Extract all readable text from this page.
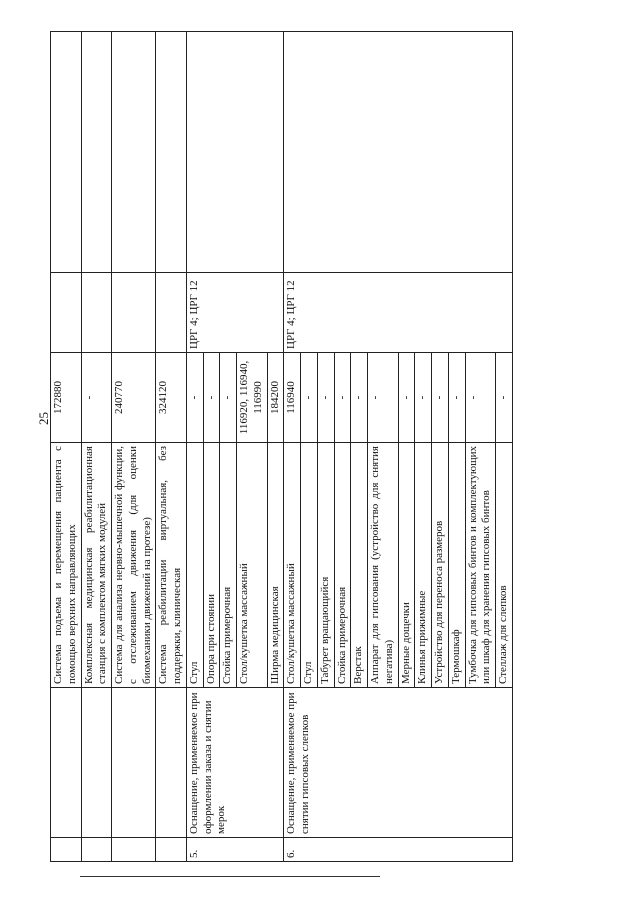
25
		Система подъема и перемещения пациента с помощью верхних направляющих	172880		
		Комплексная медицинская реабилитационная станция с комплектом мягких модулей	-		
		Система для анализа нервно-мышечной функции, с отслеживанием движения (для оценки биомеханики движений на протезе)	240770		
		Система реабилитации виртуальная, без поддержки, клиническая	324120		
5.	Оснащение, применяемое при оформлении заказа и снятии мерок	Стул	-	ЦРГ 4; ЦРГ 12	
		Опора при стоянии	-		
		Стойка примерочная	-		
		Стол/кушетка массажный	116920, 116940, 116990		
		Ширма медицинская	184200		
6.	Оснащение, применяемое при снятии гипсовых слепков	Стол/кушетка массажный	116940	ЦРГ 4; ЦРГ 12	
		Стул	-		
		Табурет вращающийся	-		
		Стойка примерочная	-		
		Верстак	-		
		Аппарат для гипсования (устройство для снятия негатива)	-		
		Мерные дощечки	-		
		Клинья прижимные	-		
		Устройство для переноса размеров	-		
		Термошкаф	-		
		Тумбочка для гипсовых бинтов и комплектующих или шкаф для хранения гипсовых бинтов	-		
		Стеллаж для слепков	-		
